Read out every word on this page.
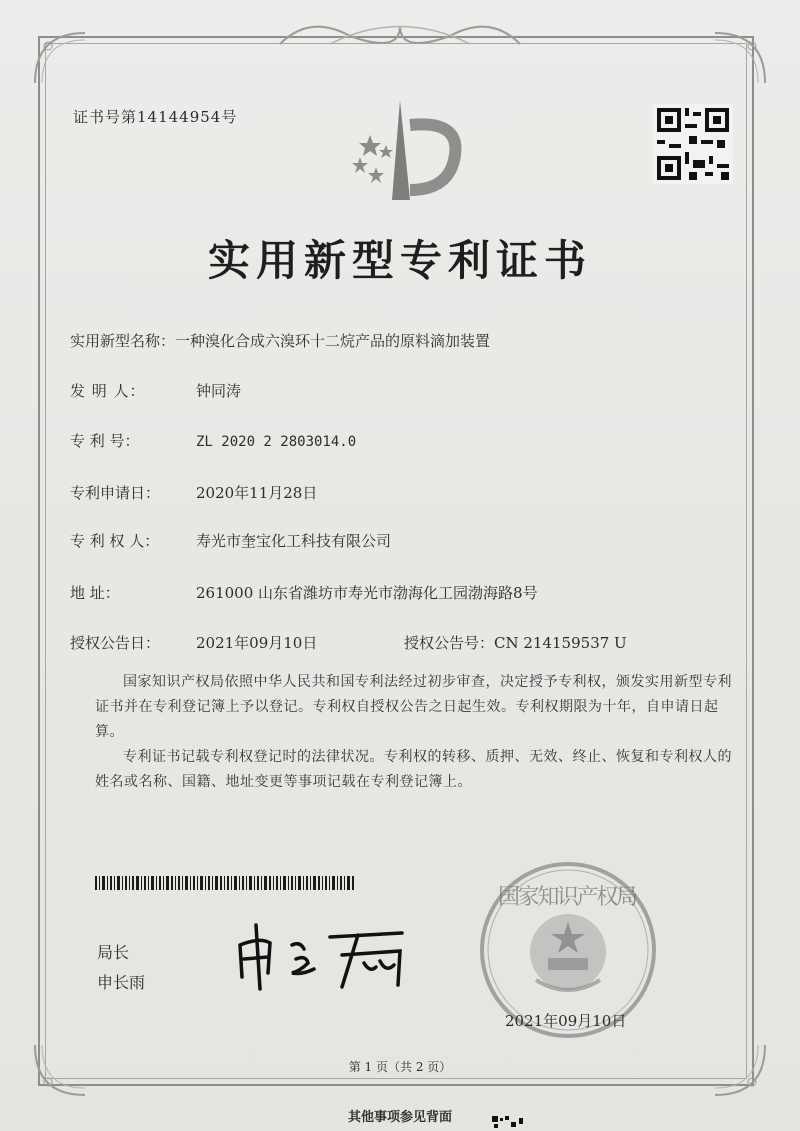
证书号第14144954号
实用新型专利证书
实用新型名称：一种溴化合成六溴环十二烷产品的原料滴加装置
发 明 人：	钟同涛
专 利 号：	ZL 2020 2 2803014.0
专利申请日： 2020年11月28日
专 利 权 人： 寿光市奎宝化工科技有限公司
地 址：	261000 山东省潍坊市寿光市渤海化工园渤海路8号
授权公告日： 2021年09月10日	授权公告号：CN 214159537 U
国家知识产权局依照中华人民共和国专利法经过初步审查，决定授予专利权，颁发实用新型专利证书并在专利登记簿上予以登记。专利权自授权公告之日起生效。专利权期限为十年，自申请日起算。
专利证书记载专利权登记时的法律状况。专利权的转移、质押、无效、终止、恢复和专利权人的姓名或名称、国籍、地址变更等事项记载在专利登记簿上。
局长
申长雨
国家知识产权局
2021年09月10日
第 1 页（共 2 页）
其他事项参见背面
